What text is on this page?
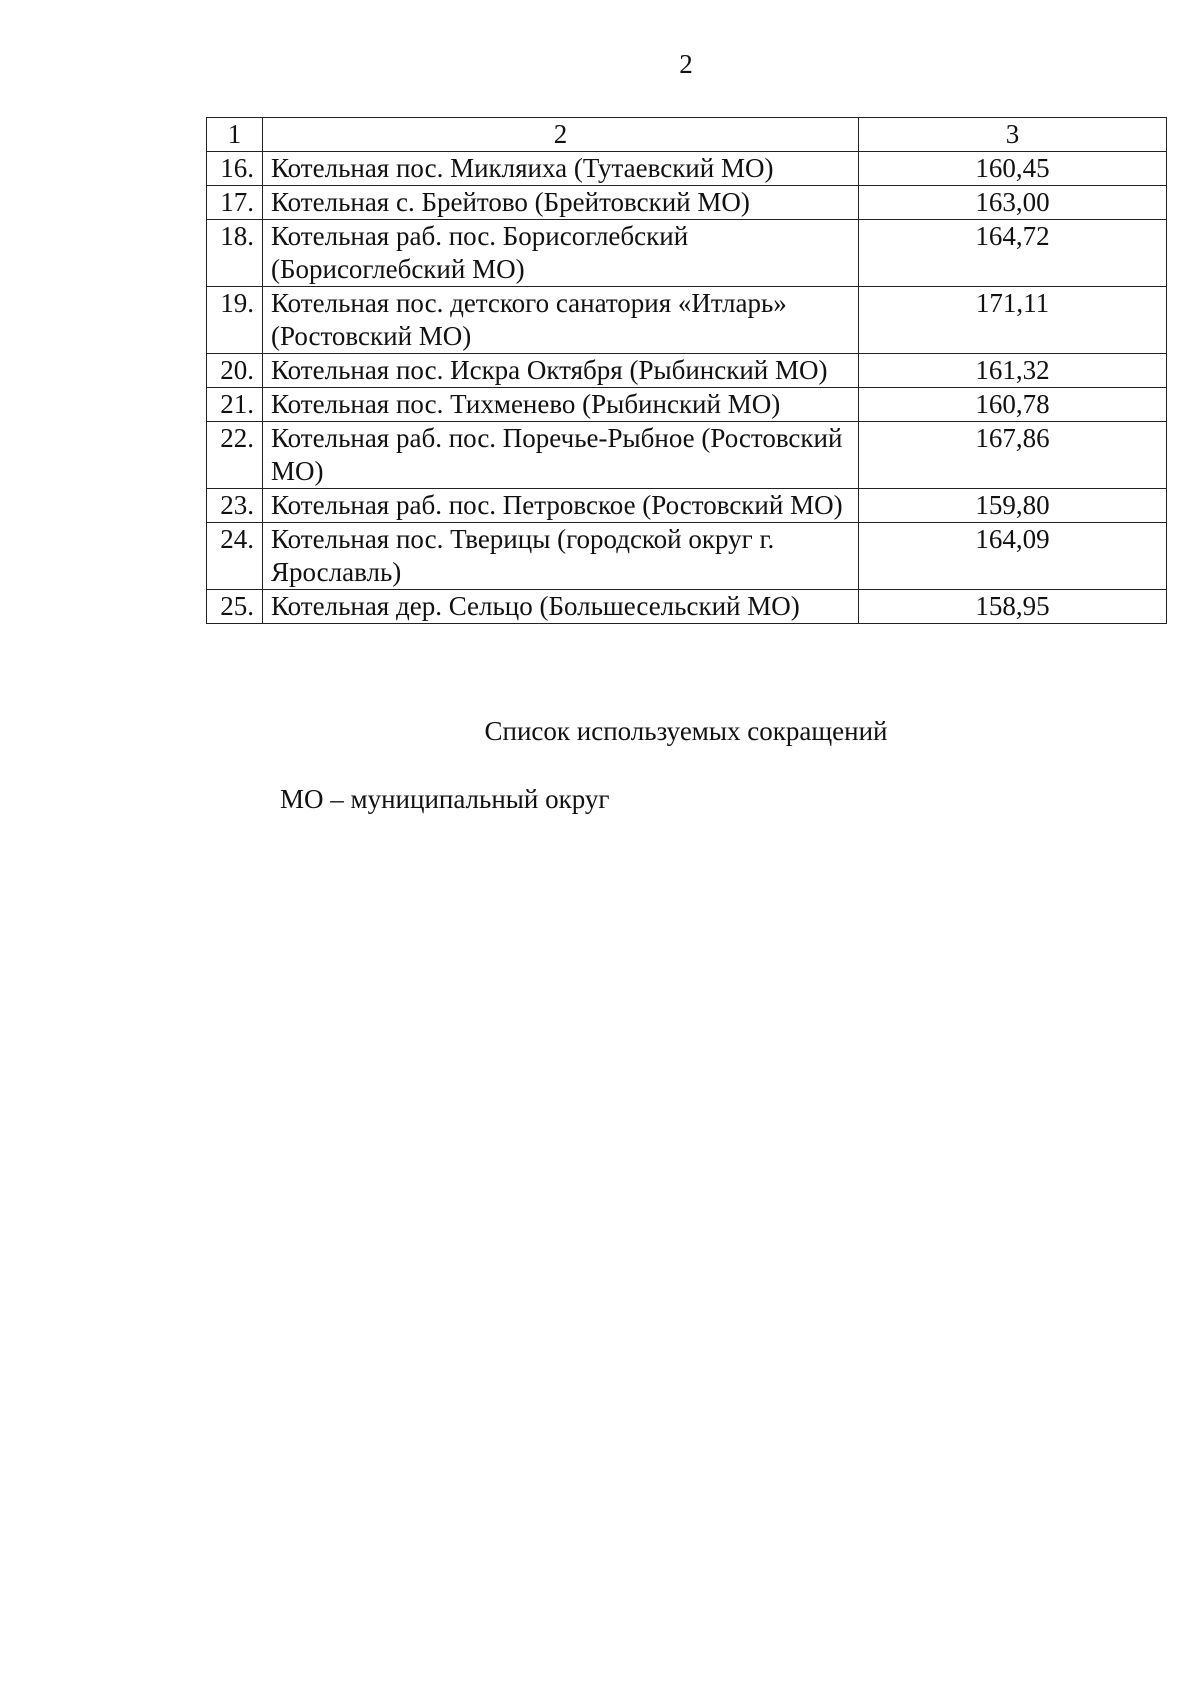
2
1	2	3
16.	Котельная пос. Микляиха (Тутаевский МО)	160,45
17.	Котельная с. Брейтово (Брейтовский МО)	163,00
18.	Котельная раб. пос. Борисоглебский (Борисоглебский МО)	164,72
19.	Котельная пос. детского санатория «Итларь» (Ростовский МО)	171,11
20.	Котельная пос. Искра Октября (Рыбинский МО)	161,32
21.	Котельная пос. Тихменево (Рыбинский МО)	160,78
22.	Котельная раб. пос. Поречье-Рыбное (Ростовский МО)	167,86
23.	Котельная раб. пос. Петровское (Ростовский МО)	159,80
24.	Котельная пос. Тверицы (городской округ г. Ярославль)	164,09
25.	Котельная дер. Сельцо (Большесельский МО)	158,95
Список используемых сокращений
МО – муниципальный округ
